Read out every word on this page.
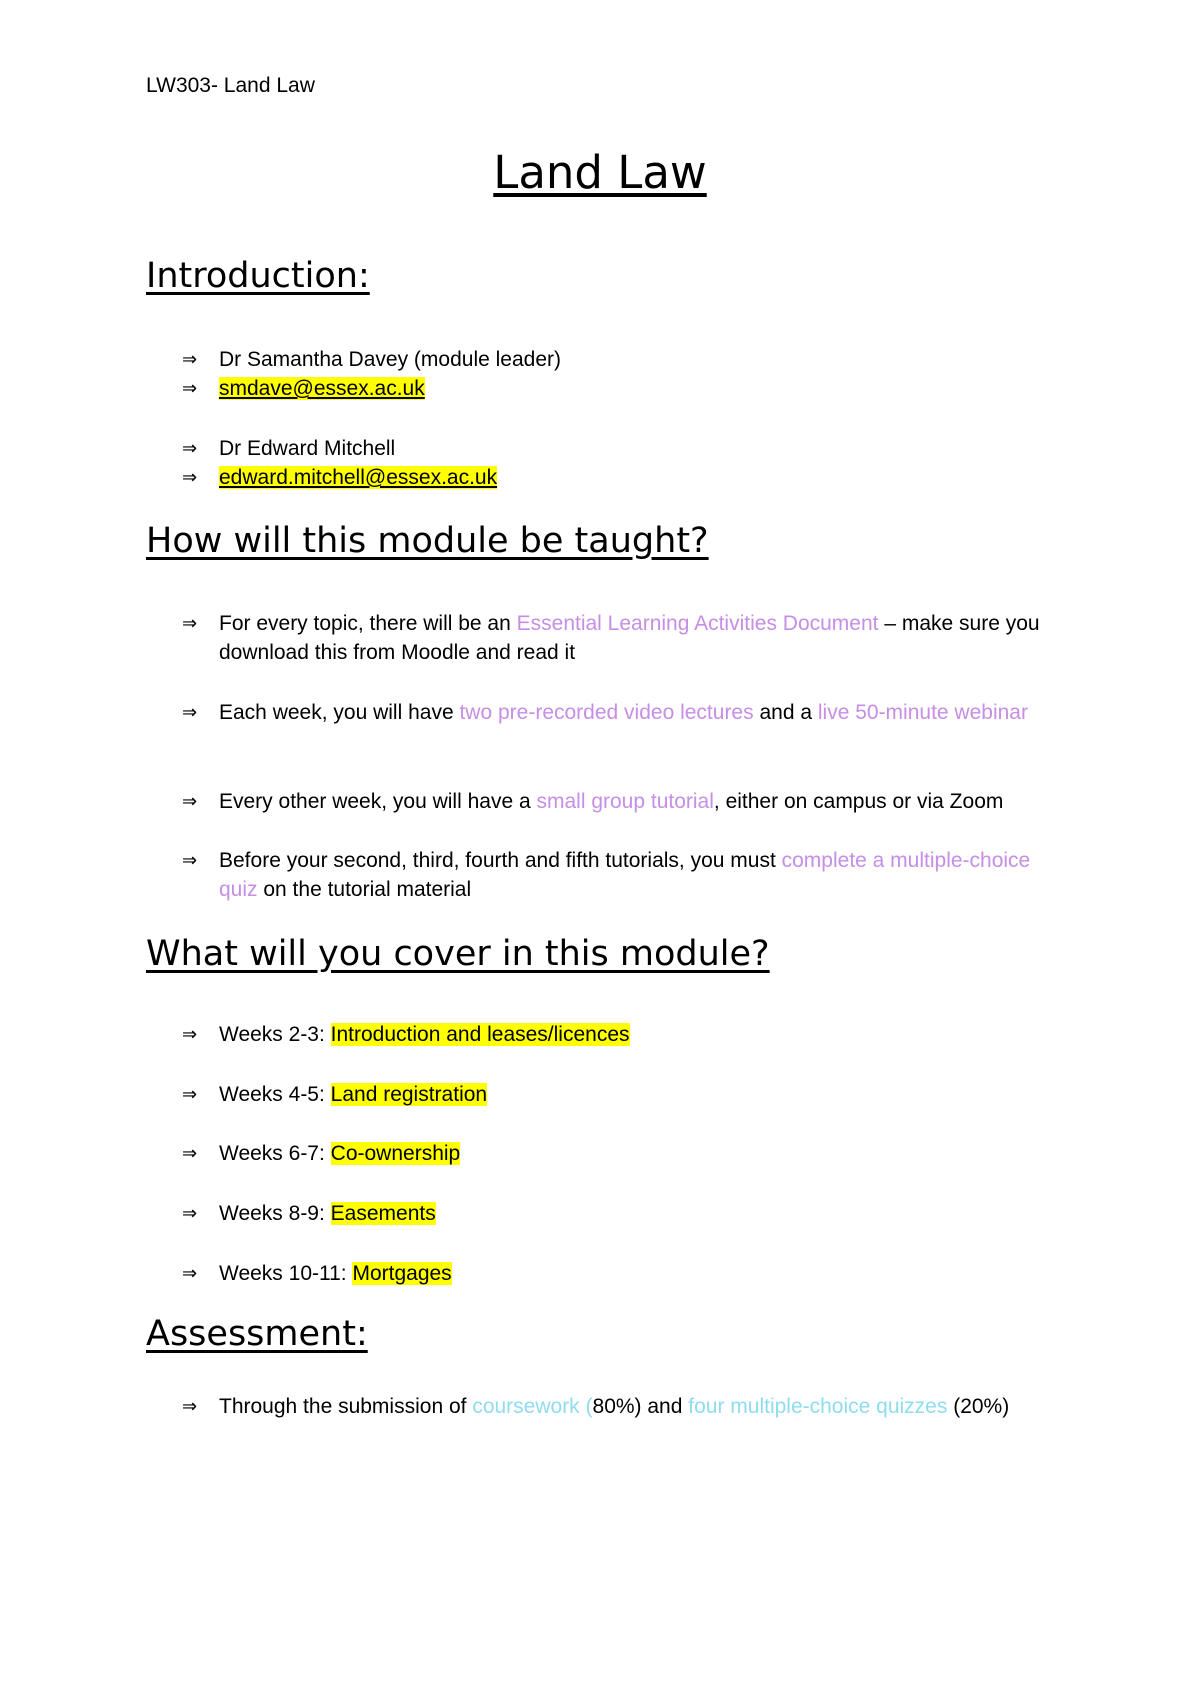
LW303- Land Law
Land Law
Introduction:
⇒ Dr Samantha Davey (module leader)
⇒ smdave@essex.ac.uk
⇒ Dr Edward Mitchell
⇒ edward.mitchell@essex.ac.uk
How will this module be taught?
⇒ For every topic, there will be an Essential Learning Activities Document – make sure you download this from Moodle and read it
⇒ Each week, you will have two pre-recorded video lectures and a live 50-minute webinar
⇒ Every other week, you will have a small group tutorial, either on campus or via Zoom
⇒ Before your second, third, fourth and fifth tutorials, you must complete a multiple-choice quiz on the tutorial material
What will you cover in this module?
⇒ Weeks 2-3: Introduction and leases/licences
⇒ Weeks 4-5: Land registration
⇒ Weeks 6-7: Co-ownership
⇒ Weeks 8-9: Easements
⇒ Weeks 10-11: Mortgages
Assessment:
⇒ Through the submission of coursework (80%) and four multiple-choice quizzes (20%)
